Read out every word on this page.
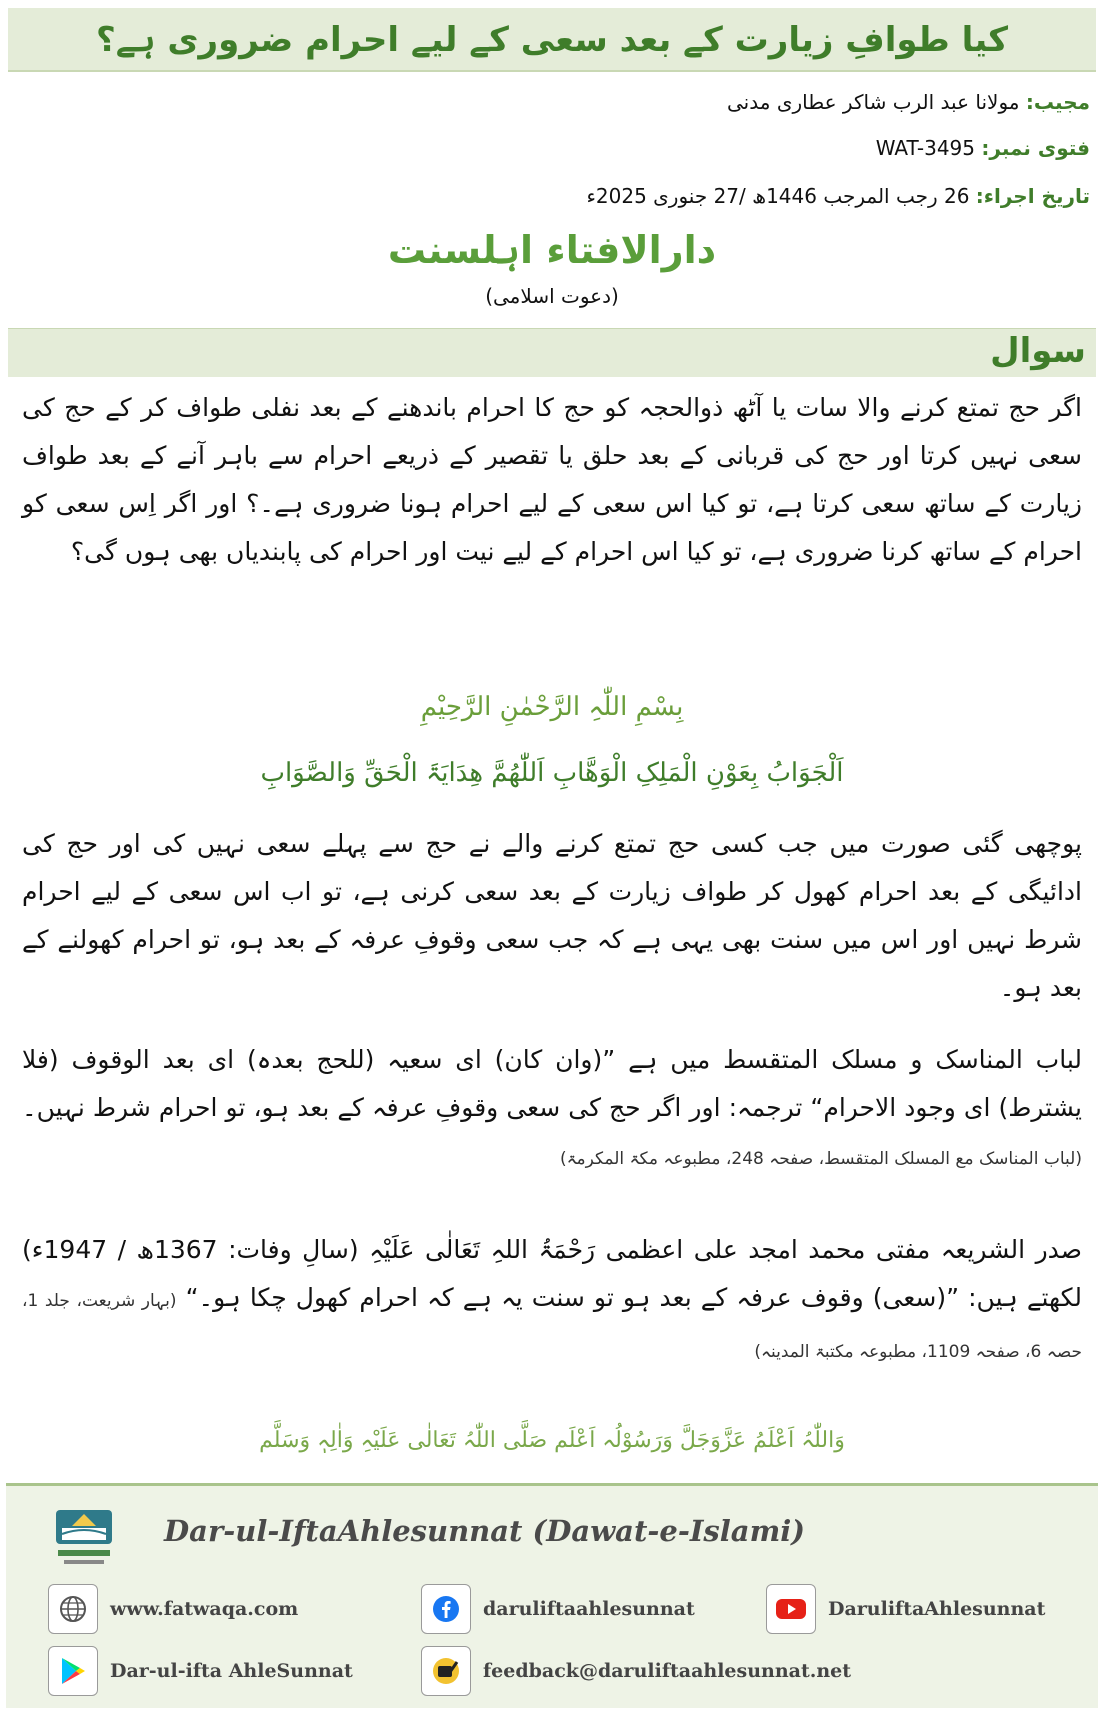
کیا طوافِ زیارت کے بعد سعی کے لیے احرام ضروری ہے؟
مجیب: مولانا عبد الرب شاکر عطاری مدنی
فتوی نمبر: WAT-3495
تاریخ اجراء: 26 رجب المرجب 1446ھ /27 جنوری 2025ء
دارالافتاء اہلسنت
(دعوت اسلامی)
سوال
اگر حج تمتع کرنے والا سات یا آٹھ ذوالحجہ کو حج کا احرام باندھنے کے بعد نفلی طواف کر کے حج کی سعی نہیں کرتا اور حج کی قربانی کے بعد حلق یا تقصیر کے ذریعے احرام سے باہر آنے کے بعد طواف زیارت کے ساتھ سعی کرتا ہے، تو کیا اس سعی کے لیے احرام ہونا ضروری ہے۔؟ اور اگر اِس سعی کو احرام کے ساتھ کرنا ضروری ہے، تو کیا اس احرام کے لیے نیت اور احرام کی پابندیاں بھی ہوں گی؟
بِسْمِ اللّٰہِ الرَّحْمٰنِ الرَّحِیْمِ
اَلْجَوَابُ بِعَوْنِ الْمَلِکِ الْوَھَّابِ اَللّٰھُمَّ ھِدَایَۃَ الْحَقِّ وَالصَّوَابِ
پوچھی گئی صورت میں جب کسی حج تمتع کرنے والے نے حج سے پہلے سعی نہیں کی اور حج کی ادائیگی کے بعد احرام کھول کر طواف زیارت کے بعد سعی کرنی ہے، تو اب اس سعی کے لیے احرام شرط نہیں اور اس میں سنت بھی یہی ہے کہ جب سعی وقوفِ عرفہ کے بعد ہو، تو احرام کھولنے کے بعد ہو۔
لباب المناسک و مسلک المتقسط میں ہے ”(وان کان) ای سعیہ (للحج بعدہ) ای بعد الوقوف (فلا یشترط) ای وجود الاحرام“ ترجمہ: اور اگر حج کی سعی وقوفِ عرفہ کے بعد ہو، تو احرام شرط نہیں۔ (لباب المناسک مع المسلک المتقسط، صفحہ 248، مطبوعہ مکۃ المکرمۃ)
صدر الشریعہ مفتی محمد امجد علی اعظمی رَحْمَۃُ اللہِ تَعَالٰی عَلَیْہِ (سالِ وفات: 1367ھ / 1947ء) لکھتے ہیں: ”(سعی) وقوف عرفہ کے بعد ہو تو سنت یہ ہے کہ احرام کھول چکا ہو۔“ (بہار شریعت، جلد 1، حصہ 6، صفحہ 1109، مطبوعہ مکتبۃ المدینہ)
وَاللّٰہُ اَعْلَمُ عَزَّوَجَلَّ وَرَسُوْلُہ اَعْلَم صَلَّی اللّٰہُ تَعَالٰی عَلَیْہِ وَاٰلِہٖ وَسَلَّم
Dar-ul-IftaAhlesunnat (Dawat-e-Islami)
www.fatwaqa.com	daruliftaahlesunnat	DaruliftaAhlesunnat
Dar-ul-ifta AhleSunnat	feedback@daruliftaahlesunnat.net
